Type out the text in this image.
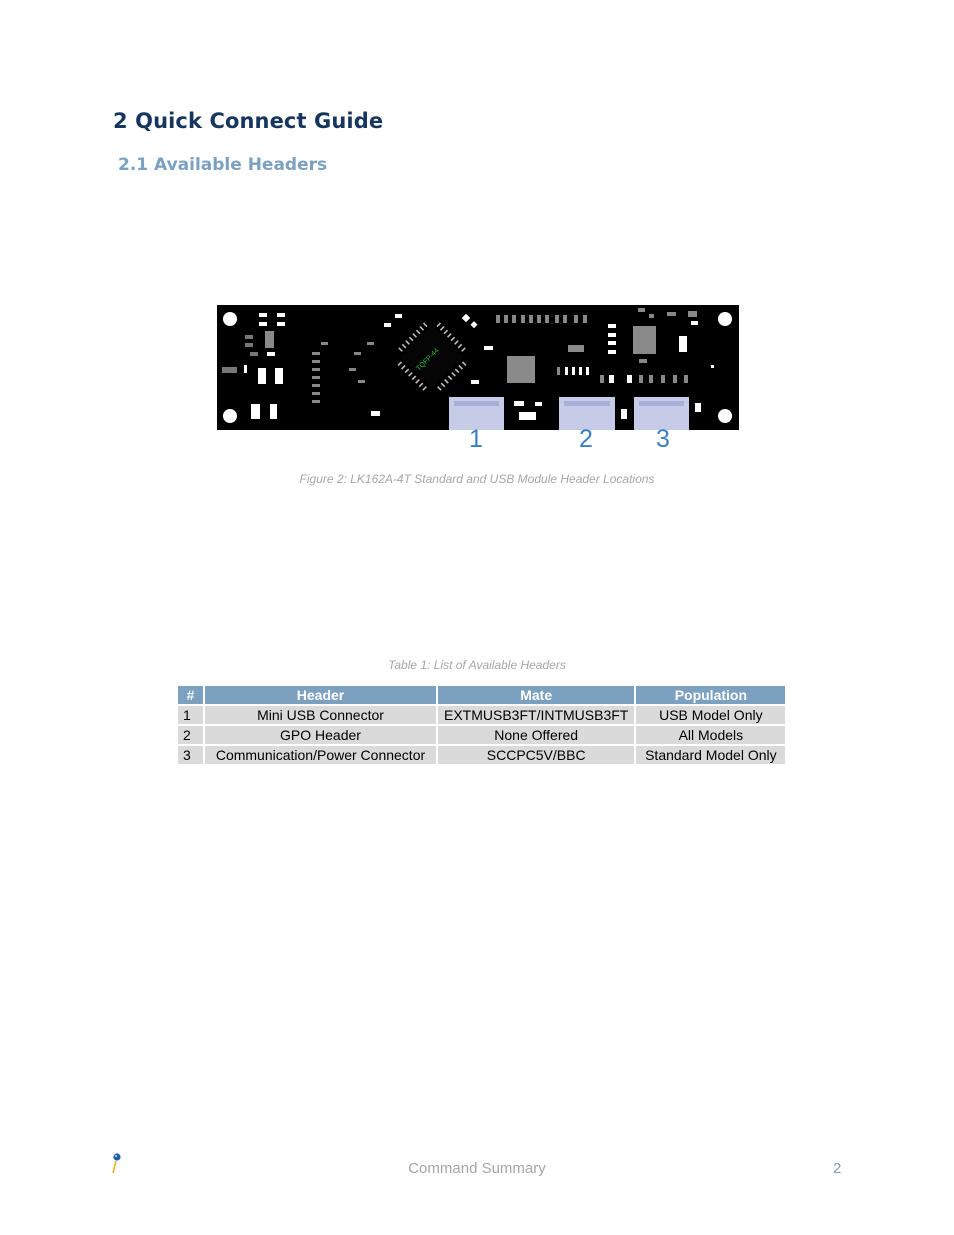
2 Quick Connect Guide
2.1 Available Headers
TQFP-44
1	2	3
Figure 2: LK162A-4T Standard and USB Module Header Locations
Table 1: List of Available Headers
#	Header	Mate	Population
1	Mini USB Connector	EXTMUSB3FT/INTMUSB3FT	USB Model Only
2	GPO Header	None Offered	All Models
3	Communication/Power Connector	SCCPC5V/BBC	Standard Model Only
Command Summary	2
